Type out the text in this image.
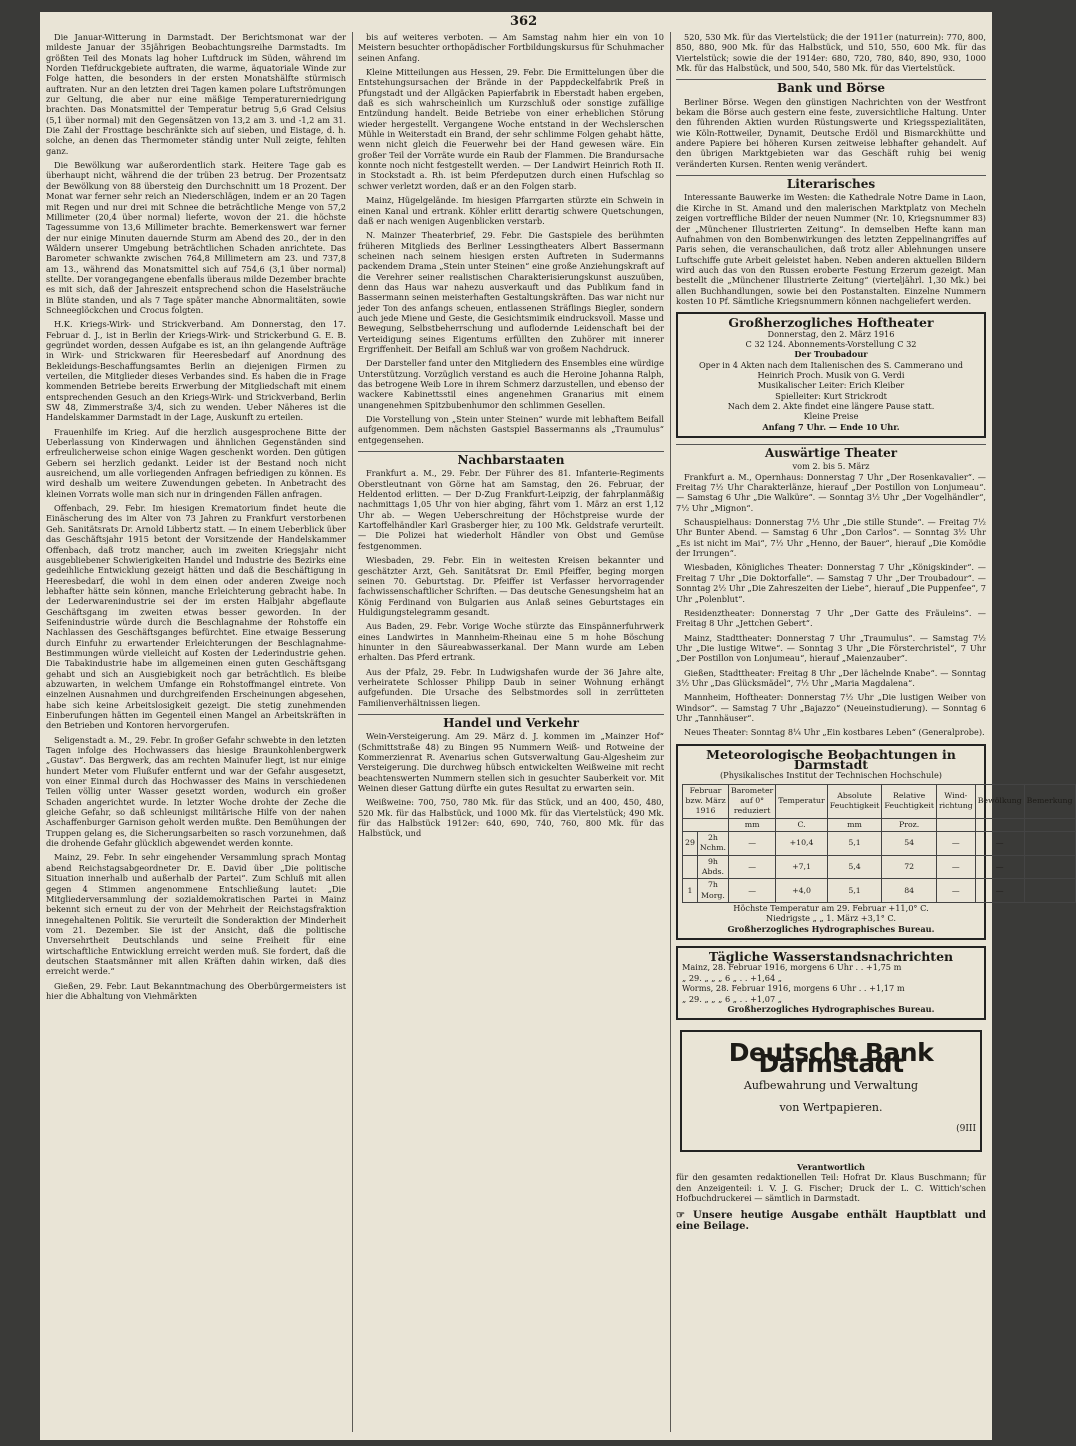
362

Die Januar-Witterung in Darmstadt. Der Berichtsmonat war der mildeste Januar der 35jährigen Beobachtungsreihe Darmstadts. Im größten Teil des Monats lag hoher Luftdruck im Süden, während im Norden Tiefdruckgebiete auftraten, die warme, äquatoriale Winde zur Folge hatten, die besonders in der ersten Monatshälfte stürmisch auftraten. Nur an den letzten drei Tagen kamen polare Luftströmungen zur Geltung, die aber nur eine mäßige Temperaturerniedrigung brachten. Das Monatsmittel der Temperatur betrug 5,6 Grad Celsius (5,1 über normal) mit den Gegensätzen von 13,2 am 3. und -1,2 am 31. Die Zahl der Frosttage beschränkte sich auf sieben, und Eistage, d. h. solche, an denen das Thermometer ständig unter Null zeigte, fehlten ganz.

Die Bewölkung war außerordentlich stark. Heitere Tage gab es überhaupt nicht, während die der trüben 23 betrug. Der Prozentsatz der Bewölkung von 88 übersteig den Durchschnitt um 18 Prozent. Der Monat war ferner sehr reich an Niederschlägen, indem er an 20 Tagen mit Regen und nur drei mit Schnee die beträchtliche Menge von 57,2 Millimeter (20,4 über normal) lieferte, wovon der 21. die höchste Tagessumme von 13,6 Millimeter brachte. Bemerkenswert war ferner der nur einige Minuten dauernde Sturm am Abend des 20., der in den Wäldern unserer Umgebung beträchtlichen Schaden anrichtete. Das Barometer schwankte zwischen 764,8 Millimetern am 23. und 737,8 am 13., während das Monatsmittel sich auf 754,6 (3,1 über normal) stellte. Der vorangegangene ebenfalls überaus milde Dezember brachte es mit sich, daß der Jahreszeit entsprechend schon die Haselsträuche in Blüte standen, und als 7 Tage später manche Abnormalitäten, sowie Schneeglöckchen und Crocus folgten.

H.K. Kriegs-Wirk- und Strickverband. Am Donnerstag, den 17. Februar d. J., ist in Berlin der Kriegs-Wirk- und Strickerbund G. E. B. gegründet worden, dessen Aufgabe es ist, an ihn gelangende Aufträge in Wirk- und Strickwaren für Heeresbedarf auf Anordnung des Bekleidungs-Beschaffungsamtes Berlin an diejenigen Firmen zu verteilen, die Mitglieder dieses Verbandes sind. Es haben die in Frage kommenden Betriebe bereits Erwerbung der Mitgliedschaft mit einem entsprechenden Gesuch an den Kriegs-Wirk- und Strickverband, Berlin SW 48, Zimmerstraße 3/4, sich zu wenden. Ueber Näheres ist die Handelskammer Darmstadt in der Lage, Auskunft zu erteilen.

Frauenhilfe im Krieg. Auf die herzlich ausgesprochene Bitte der Ueberlassung von Kinderwagen und ähnlichen Gegenständen sind erfreulicherweise schon einige Wagen geschenkt worden. Den gütigen Gebern sei herzlich gedankt. Leider ist der Bestand noch nicht ausreichend, um alle vorliegenden Anfragen befriedigen zu können. Es wird deshalb um weitere Zuwendungen gebeten. In Anbetracht des kleinen Vorrats wolle man sich nur in dringenden Fällen anfragen.

Offenbach, 29. Febr. Im hiesigen Krematorium findet heute die Einäscherung des im Alter von 73 Jahren zu Frankfurt verstorbenen Geh. Sanitätsrats Dr. Arnold Libbertz statt. — In einem Ueberblick über das Geschäftsjahr 1915 betont der Vorsitzende der Handelskammer Offenbach, daß trotz mancher, auch im zweiten Kriegsjahr nicht ausgebliebener Schwierigkeiten Handel und Industrie des Bezirks eine gedeihliche Entwicklung gezeigt hätten und daß die Beschäftigung in Heeresbedarf, die wohl in dem einen oder anderen Zweige noch lebhafter hätte sein können, manche Erleichterung gebracht habe. In der Lederwarenindustrie sei der im ersten Halbjahr abgeflaute Geschäftsgang im zweiten etwas besser geworden. In der Seifenindustrie würde durch die Beschlagnahme der Rohstoffe ein Nachlassen des Geschäftsganges befürchtet. Eine etwaige Besserung durch Einfuhr zu erwartender Erleichterungen der Beschlagnahme-Bestimmungen würde vielleicht auf Kosten der Lederindustrie gehen. Die Tabakindustrie habe im allgemeinen einen guten Geschäftsgang gehabt und sich an Ausgiebigkeit noch gar beträchtlich. Es bleibe abzuwarten, in welchem Umfange ein Rohstoffmangel eintrete. Von einzelnen Ausnahmen und durchgreifenden Erscheinungen abgesehen, habe sich keine Arbeitslosigkeit gezeigt. Die stetig zunehmenden Einberufungen hätten im Gegenteil einen Mangel an Arbeitskräften in den Betrieben und Kontoren hervorgerufen.

Seligenstadt a. M., 29. Febr. In großer Gefahr schwebte in den letzten Tagen infolge des Hochwassers das hiesige Braunkohlenbergwerk „Gustav“. Das Bergwerk, das am rechten Mainufer liegt, ist nur einige hundert Meter vom Flußufer entfernt und war der Gefahr ausgesetzt, von einer Einmal durch das Hochwasser des Mains in verschiedenen Teilen völlig unter Wasser gesetzt worden, wodurch ein großer Schaden angerichtet wurde. In letzter Woche drohte der Zeche die gleiche Gefahr, so daß schleunigst militärische Hilfe von der nahen Aschaffenburger Garnison geholt werden mußte. Den Bemühungen der Truppen gelang es, die Sicherungsarbeiten so rasch vorzunehmen, daß die drohende Gefahr glücklich abgewendet werden konnte.

Mainz, 29. Febr. In sehr eingehender Versammlung sprach Montag abend Reichstagsabgeordneter Dr. E. David über „Die politische Situation innerhalb und außerhalb der Partei“. Zum Schluß mit allen gegen 4 Stimmen angenommene Entschließung lautet: „Die Mitgliederversammlung der sozialdemokratischen Partei in Mainz bekennt sich erneut zu der von der Mehrheit der Reichstagsfraktion innegehaltenen Politik. Sie verurteilt die Sonderaktion der Minderheit vom 21. Dezember. Sie ist der Ansicht, daß die politische Unversehrtheit Deutschlands und seine Freiheit für eine wirtschaftliche Entwicklung erreicht werden muß. Sie fordert, daß die deutschen Staatsmänner mit allen Kräften dahin wirken, daß dies erreicht werde.“

Gießen, 29. Febr. Laut Bekanntmachung des Oberbürgermeisters ist hier die Abhaltung von Viehmärkten

bis auf weiteres verboten. — Am Samstag nahm hier ein von 10 Meistern besuchter orthopädischer Fortbildungskursus für Schuhmacher seinen Anfang.

Kleine Mitteilungen aus Hessen, 29. Febr. Die Ermittelungen über die Entstehungsursachen der Brände in der Pappdeckelfabrik Preß in Pfungstadt und der Allgäcken Papierfabrik in Eberstadt haben ergeben, daß es sich wahrscheinlich um Kurzschluß oder sonstige zufällige Entzündung handelt. Beide Betriebe von einer erheblichen Störung wieder hergestellt. Vergangene Woche entstand in der Wechslerschen Mühle in Weiterstadt ein Brand, der sehr schlimme Folgen gehabt hätte, wenn nicht gleich die Feuerwehr bei der Hand gewesen wäre. Ein großer Teil der Vorräte wurde ein Raub der Flammen. Die Brandursache konnte noch nicht festgestellt werden. — Der Landwirt Heinrich Roth II. in Stockstadt a. Rh. ist beim Pferdeputzen durch einen Hufschlag so schwer verletzt worden, daß er an den Folgen starb.

Mainz, Hügelgelände. Im hiesigen Pfarrgarten stürzte ein Schwein in einen Kanal und ertrank. Köhler erlitt derartig schwere Quetschungen, daß er nach wenigen Augenblicken verstarb.

N. Mainzer Theaterbrief, 29. Febr. Die Gastspiele des berühmten früheren Mitglieds des Berliner Lessingtheaters Albert Bassermann scheinen nach seinem hiesigen ersten Auftreten in Sudermanns packendem Drama „Stein unter Steinen“ eine große Anziehungskraft auf die Verehrer seiner realistischen Charakterisierungskunst auszuüben, denn das Haus war nahezu ausverkauft und das Publikum fand in Bassermann seinen meisterhaften Gestaltungskräften. Das war nicht nur jeder Ton des anfangs scheuen, entlassenen Sträflings Biegler, sondern auch jede Miene und Geste, die Gesichtsmimik eindrucksvoll. Masse und Bewegung, Selbstbeherrschung und auflodernde Leidenschaft bei der Verteidigung seines Eigentums erfüllten den Zuhörer mit innerer Ergriffenheit. Der Beifall am Schluß war von großem Nachdruck.

Der Darsteller fand unter den Mitgliedern des Ensembles eine würdige Unterstützung. Vorzüglich verstand es auch die Heroine Johanna Ralph, das betrogene Weib Lore in ihrem Schmerz darzustellen, und ebenso der wackere Kabinettsstil eines angenehmen Granarius mit einem unangenehmen Spitzbubenhumor den schlimmen Gesellen.

Die Vorstellung von „Stein unter Steinen“ wurde mit lebhaftem Beifall aufgenommen. Dem nächsten Gastspiel Bassermanns als „Traumulus“ entgegensehen.

Nachbarstaaten

Frankfurt a. M., 29. Febr. Der Führer des 81. Infanterie-Regiments Oberstleutnant von Görne hat am Samstag, den 26. Februar, der Heldentod erlitten. — Der D-Zug Frankfurt-Leipzig, der fahrplanmäßig nachmittags 1,05 Uhr von hier abging, fährt vom 1. März an erst 1,12 Uhr ab. — Wegen Ueberschreitung der Höchstpreise wurde der Kartoffelhändler Karl Grasberger hier, zu 100 Mk. Geldstrafe verurteilt. — Die Polizei hat wiederholt Händler von Obst und Gemüse festgenommen.

Wiesbaden, 29. Febr. Ein in weitesten Kreisen bekannter und geschätzter Arzt, Geh. Sanitätsrat Dr. Emil Pfeiffer, beging morgen seinen 70. Geburtstag. Dr. Pfeiffer ist Verfasser hervorragender fachwissenschaftlicher Schriften. — Das deutsche Genesungsheim hat an König Ferdinand von Bulgarien aus Anlaß seines Geburtstages ein Huldigungstelegramm gesandt.

Aus Baden, 29. Febr. Vorige Woche stürzte das Einspännerfuhrwerk eines Landwirtes in Mannheim-Rheinau eine 5 m hohe Böschung hinunter in den Säureabwasserkanal. Der Mann wurde am Leben erhalten. Das Pferd ertrank.

Aus der Pfalz, 29. Febr. In Ludwigshafen wurde der 36 Jahre alte, verheiratete Schlosser Philipp Daub in seiner Wohnung erhängt aufgefunden. Die Ursache des Selbstmordes soll in zerrütteten Familienverhältnissen liegen.

Handel und Verkehr

Wein-Versteigerung. Am 29. März d. J. kommen im „Mainzer Hof“ (Schmittstraße 48) zu Bingen 95 Nummern Weiß- und Rotweine der Kommerzienrat R. Avenarius schen Gutsverwaltung Gau-Algesheim zur Versteigerung. Die durchweg hübsch entwickelten Weißweine mit recht beachtenswerten Nummern stellen sich in gesuchter Sauberkeit vor. Mit Weinen dieser Gattung dürfte ein gutes Resultat zu erwarten sein.

Weißweine: 700, 750, 780 Mk. für das Stück, und an 400, 450, 480, 520 Mk. für das Halbstück, und 1000 Mk. für das Viertelstück; 490 Mk. für das Halbstück 1912er: 640, 690, 740, 760, 800 Mk. für das Halbstück, und

520, 530 Mk. für das Viertelstück; die der 1911er (naturrein): 770, 800, 850, 880, 900 Mk. für das Halbstück, und 510, 550, 600 Mk. für das Viertelstück; sowie die der 1914er: 680, 720, 780, 840, 890, 930, 1000 Mk. für das Halbstück, und 500, 540, 580 Mk. für das Viertelstück.

Bank und Börse

Berliner Börse. Wegen den günstigen Nachrichten von der Westfront bekam die Börse auch gestern eine feste, zuversichtliche Haltung. Unter den führenden Aktien wurden Rüstungswerte und Kriegsspezialitäten, wie Köln-Rottweiler, Dynamit, Deutsche Erdöl und Bismarckhütte und andere Papiere bei höheren Kursen zeitweise lebhafter gehandelt. Auf den übrigen Marktgebieten war das Geschäft ruhig bei wenig veränderten Kursen. Renten wenig verändert.

Literarisches

Interessante Bauwerke im Westen: die Kathedrale Notre Dame in Laon, die Kirche in St. Amand und den malerischen Marktplatz von Mecheln zeigen vortreffliche Bilder der neuen Nummer (Nr. 10, Kriegsnummer 83) der „Münchener Illustrierten Zeitung“. In demselben Hefte kann man Aufnahmen von den Bombenwirkungen des letzten Zeppelinangriffes auf Paris sehen, die veranschaulichen, daß trotz aller Ablehnungen unsere Luftschiffe gute Arbeit geleistet haben. Neben anderen aktuellen Bildern wird auch das von den Russen eroberte Festung Erzerum gezeigt. Man bestellt die „Münchener Illustrierte Zeitung“ (vierteljährl. 1,30 Mk.) bei allen Buchhandlungen, sowie bei den Postanstalten. Einzelne Nummern kosten 10 Pf. Sämtliche Kriegsnummern können nachgeliefert werden.

Großherzogliches Hoftheater
Donnerstag, den 2. März 1916
C 32 124. Abonnements-Vorstellung C 32
Der Troubadour
Oper in 4 Akten nach dem Italienischen des S. Cammerano und Heinrich Proch. Musik von G. Verdi
Musikalischer Leiter: Erich Kleiber
Spielleiter: Kurt Strickrodt
Nach dem 2. Akte findet eine längere Pause statt.
Kleine Preise
Anfang 7 Uhr. — Ende 10 Uhr.
Auswärtige Theater
vom 2. bis 5. März

Frankfurt a. M., Opernhaus: Donnerstag 7 Uhr „Der Rosenkavalier“. — Freitag 7½ Uhr Charakterlänze, hierauf „Der Postillon von Lonjumeau“. — Samstag 6 Uhr „Die Walküre“. — Sonntag 3½ Uhr „Der Vogelhändler“, 7½ Uhr „Mignon“.

Schauspielhaus: Donnerstag 7½ Uhr „Die stille Stunde“. — Freitag 7½ Uhr Bunter Abend. — Samstag 6 Uhr „Don Carlos“. — Sonntag 3½ Uhr „Es ist nicht im Mai“, 7½ Uhr „Henno, der Bauer“, hierauf „Die Komödie der Irrungen“.

Wiesbaden, Königliches Theater: Donnerstag 7 Uhr „Königskinder“. — Freitag 7 Uhr „Die Doktorfalle“. — Samstag 7 Uhr „Der Troubadour“. — Sonntag 2½ Uhr „Die Zahreszeiten der Liebe“, hierauf „Die Puppenfee“, 7 Uhr „Polenblut“.

Residenztheater: Donnerstag 7 Uhr „Der Gatte des Fräuleins“. — Freitag 8 Uhr „Jettchen Gebert“.

Mainz, Stadttheater: Donnerstag 7 Uhr „Traumulus“. — Samstag 7½ Uhr „Die lustige Witwe“. — Sonntag 3 Uhr „Die Försterchristel“, 7 Uhr „Der Postillon von Lonjumeau“, hierauf „Maienzauber“.

Gießen, Stadttheater: Freitag 8 Uhr „Der lächelnde Knabe“. — Sonntag 3½ Uhr „Das Glücksmädel“, 7½ Uhr „Maria Magdalena“.

Mannheim, Hoftheater: Donnerstag 7½ Uhr „Die lustigen Weiber von Windsor“. — Samstag 7 Uhr „Bajazzo“ (Neueinstudierung). — Sonntag 6 Uhr „Tannhäuser“.

Neues Theater: Sonntag 8¼ Uhr „Ein kostbares Leben“ (Generalprobe).

Meteorologische Beobachtungen in Darmstadt
(Physikalisches Institut der Technischen Hochschule)
Februar bzw. März 1916		Barometer auf 0° reduziert	Temperatur	Absolute Feuchtigkeit	Relative Feuchtigkeit	Wind-richtung	Bewölkung	Bemerkung
		mm	C.	mm	Proz.			
29	2h Nchm.	—	+10,4	5,1	54	—	—	
	9h Abds.	—	+7,1	5,4	72	—	—	
1	7h Morg.	—	+4,0	5,1	84	—	—	
Höchste Temperatur am 29. Februar +11,0° C.
Niedrigste „ „ 1. März +3,1° C.
Großherzogliches Hydrographisches Bureau.
Tägliche Wasserstandsnachrichten
Mainz, 28. Februar 1916, morgens 6 Uhr . . +1,75 m
„ 29. „ „ „ 6 „ . . +1,64 „
Worms, 28. Februar 1916, morgens 6 Uhr . . +1,17 m
„ 29. „ „ „ 6 „ . . +1,07 „
Großherzogliches Hydrographisches Bureau.
Deutsche Bank Darmstadt
Aufbewahrung und Verwaltung
von Wertpapieren.
(9III
Verantwortlich
für den gesamten redaktionellen Teil: Hofrat Dr. Klaus Buschmann; für den Anzeigenteil: i. V. J. G. Fischer; Druck der L. C. Wittich'schen Hofbuchdruckerei — sämtlich in Darmstadt.
☞ Unsere heutige Ausgabe enthält Hauptblatt und eine Beilage.
